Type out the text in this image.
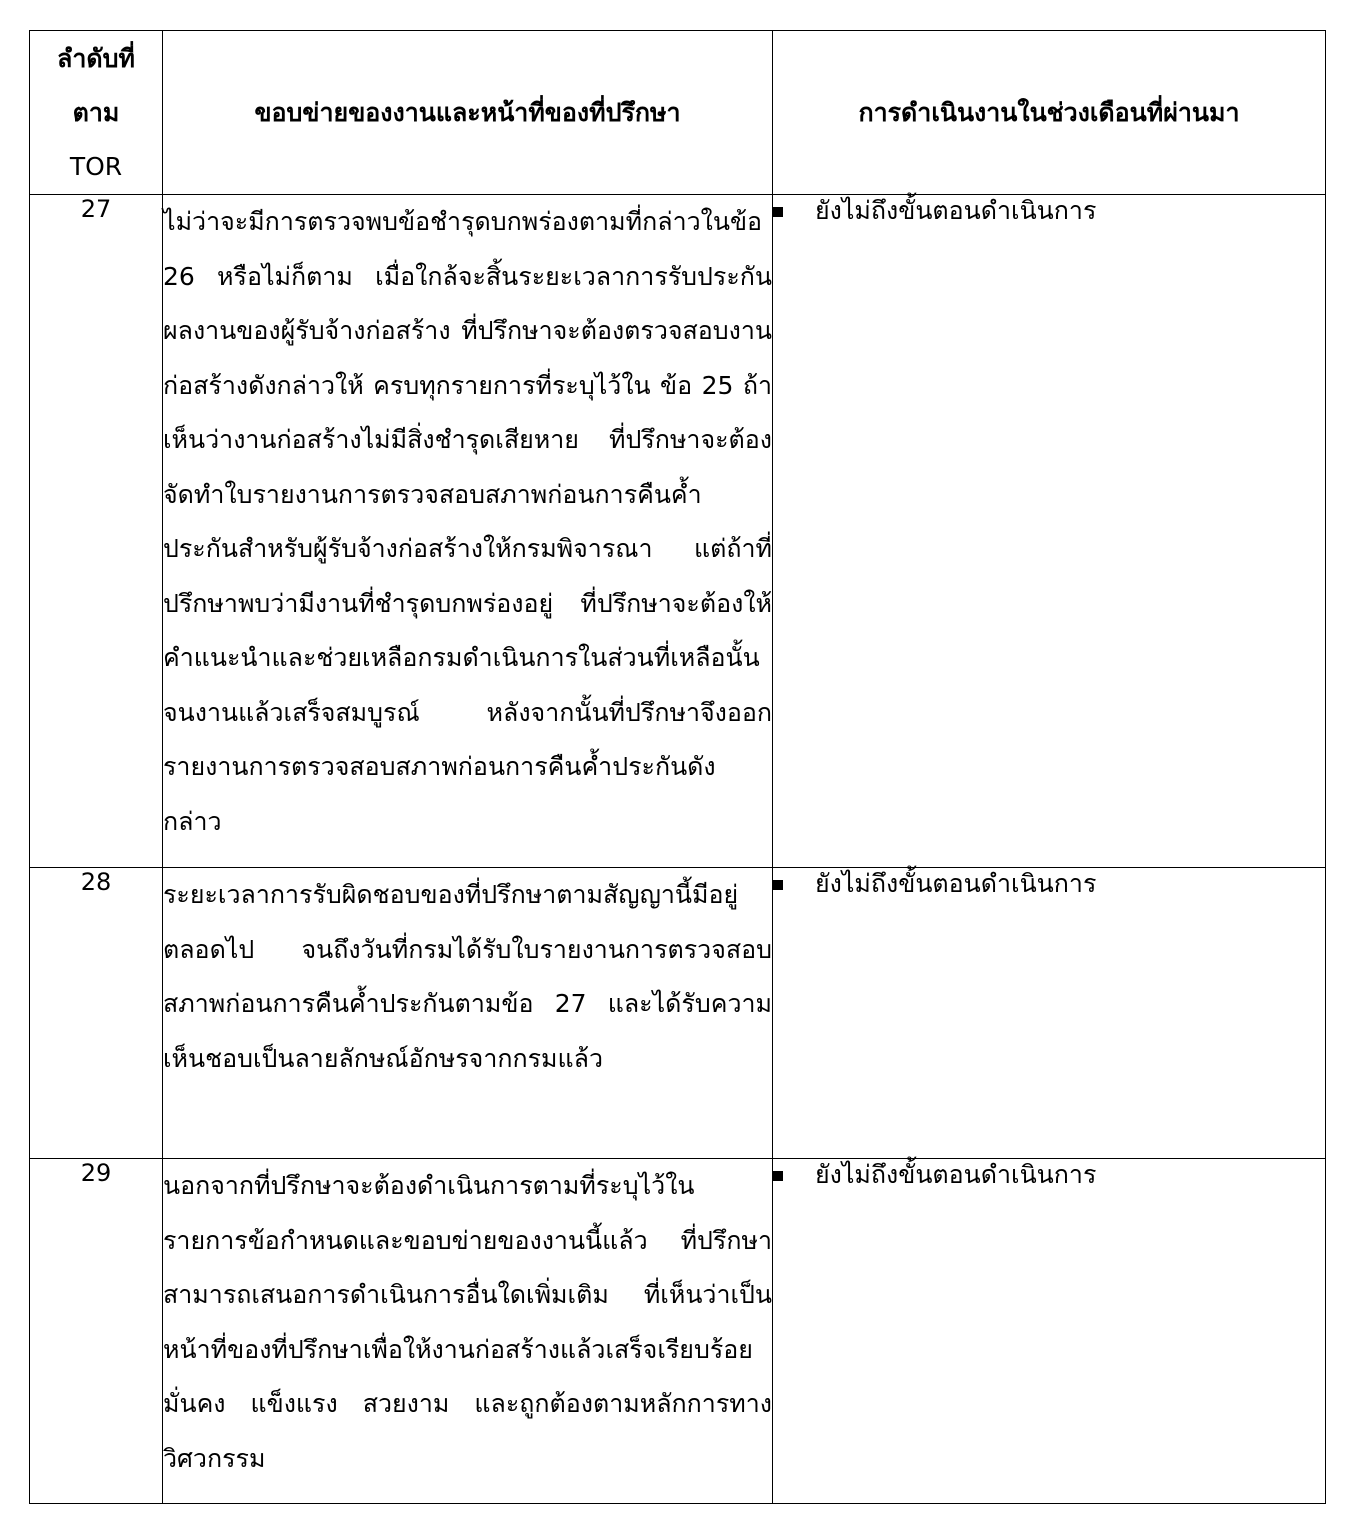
ลำดับที่
ตาม
TOR	ขอบข่ายของงานและหน้าที่ของที่ปรึกษา	การดำเนินงานในช่วงเดือนที่ผ่านมา
27	ไม่ว่าจะมีการตรวจพบข้อชำรุดบกพร่องตามที่กล่าวในข้อ 26 หรือไม่ก็ตาม เมื่อใกล้จะสิ้นระยะเวลาการรับประกันผลงานของผู้รับจ้างก่อสร้าง ที่ปรึกษาจะต้องตรวจสอบงานก่อสร้างดังกล่าวให้ ครบทุกรายการที่ระบุไว้ใน ข้อ 25 ถ้าเห็นว่างานก่อสร้างไม่มีสิ่งชำรุดเสียหาย ที่ปรึกษาจะต้องจัดทำใบรายงานการตรวจสอบสภาพก่อนการคืนค้ำประกันสำหรับผู้รับจ้างก่อสร้างให้กรมพิจารณา แต่ถ้าที่ปรึกษาพบว่ามีงานที่ชำรุดบกพร่องอยู่ ที่ปรึกษาจะต้องให้คำแนะนำและช่วยเหลือกรมดำเนินการในส่วนที่เหลือนั้นจนงานแล้วเสร็จสมบูรณ์ หลังจากนั้นที่ปรึกษาจึงออกรายงานการตรวจสอบสภาพก่อนการคืนค้ำประกันดังกล่าว	ยังไม่ถึงขั้นตอนดำเนินการ

28	ระยะเวลาการรับผิดชอบของที่ปรึกษาตามสัญญานี้มีอยู่ตลอดไป จนถึงวันที่กรมได้รับใบรายงานการตรวจสอบสภาพก่อนการคืนค้ำประกันตามข้อ 27 และได้รับความเห็นชอบเป็นลายลักษณ์อักษรจากกรมแล้ว	ยังไม่ถึงขั้นตอนดำเนินการ

29	นอกจากที่ปรึกษาจะต้องดำเนินการตามที่ระบุไว้ในรายการข้อกำหนดและขอบข่ายของงานนี้แล้ว ที่ปรึกษาสามารถเสนอการดำเนินการอื่นใดเพิ่มเติม ที่เห็นว่าเป็นหน้าที่ของที่ปรึกษาเพื่อให้งานก่อสร้างแล้วเสร็จเรียบร้อยมั่นคง แข็งแรง สวยงาม และถูกต้องตามหลักการทางวิศวกรรม	ยังไม่ถึงขั้นตอนดำเนินการ
